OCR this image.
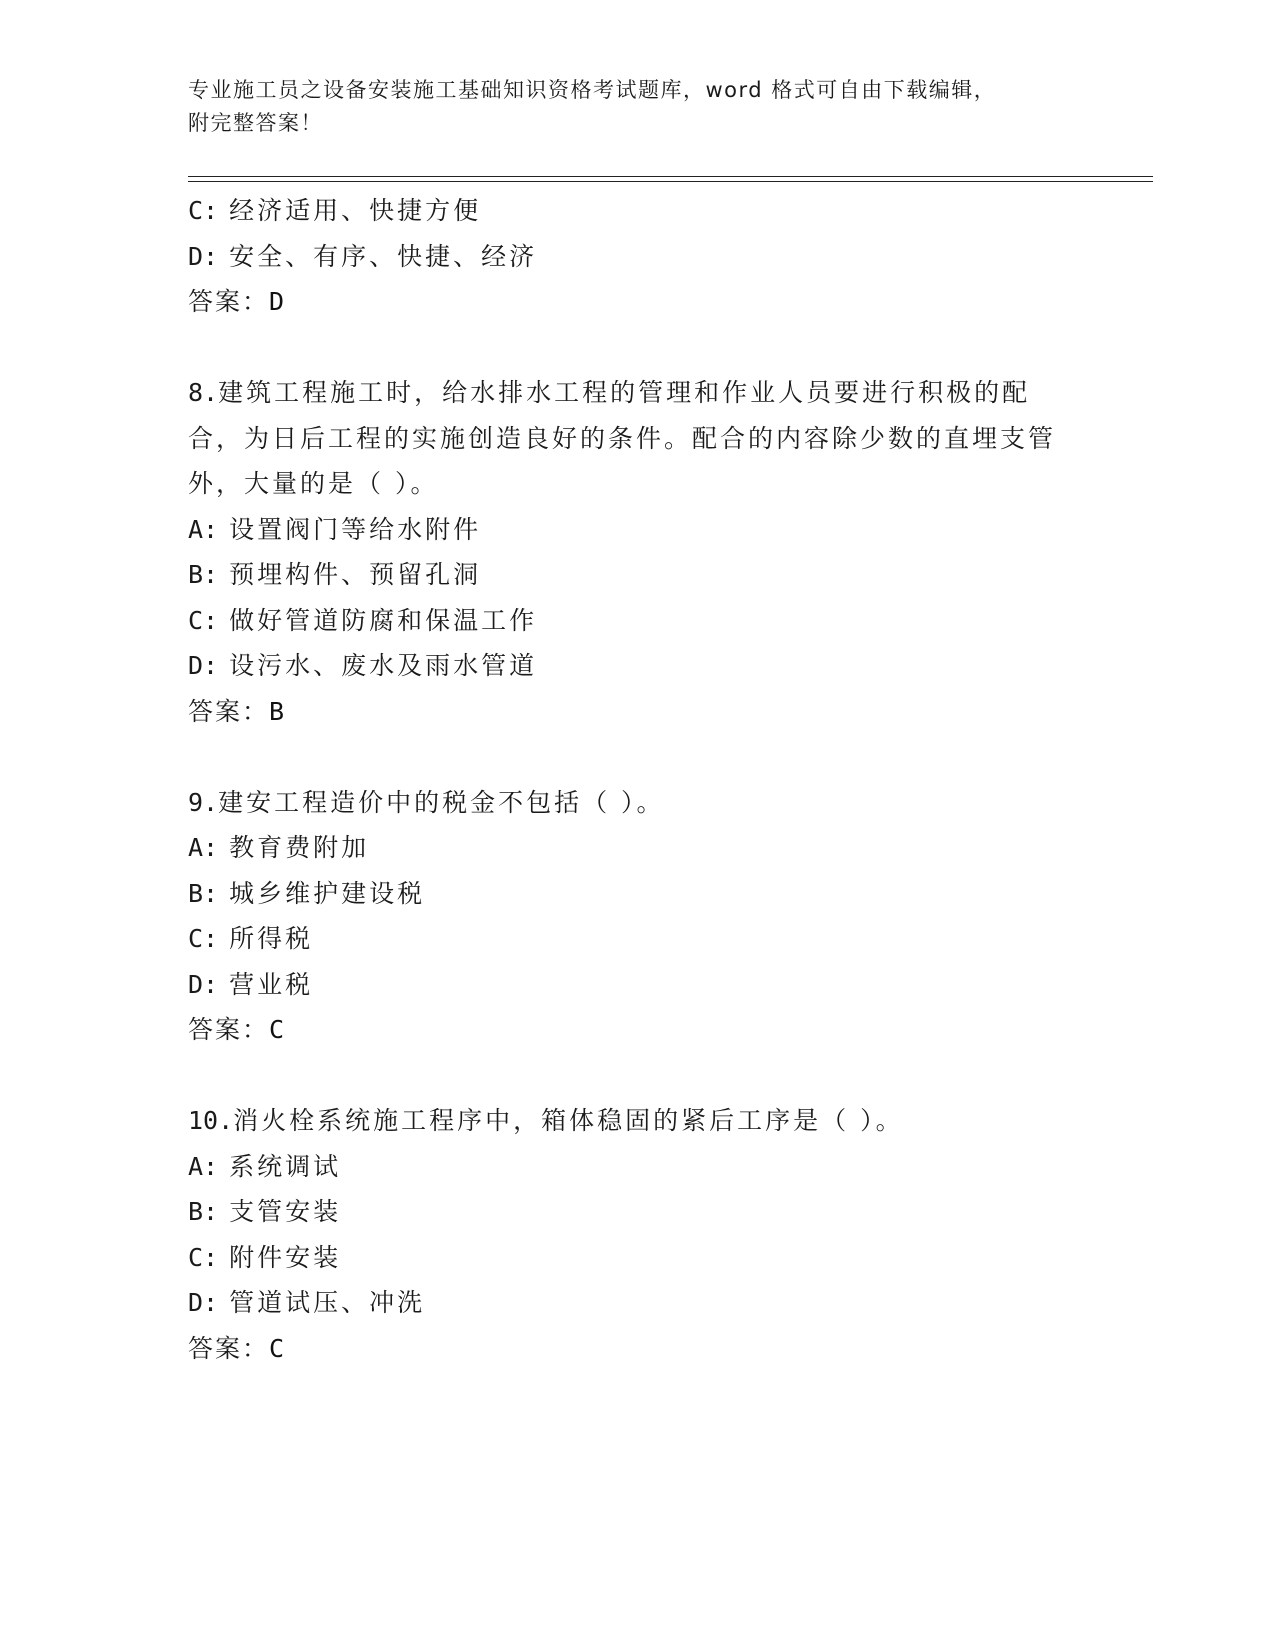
专业施工员之设备安装施工基础知识资格考试题库，word 格式可自由下载编辑，
附完整答案！
C: 经济适用、快捷方便
D: 安全、有序、快捷、经济
答案：D
8.建筑工程施工时，给水排水工程的管理和作业人员要进行积极的配合，为日后工程的实施创造良好的条件。配合的内容除少数的直埋支管外，大量的是（ ）。
A: 设置阀门等给水附件
B: 预埋构件、预留孔洞
C: 做好管道防腐和保温工作
D: 设污水、废水及雨水管道
答案：B
9.建安工程造价中的税金不包括（ ）。
A: 教育费附加
B: 城乡维护建设税
C: 所得税
D: 营业税
答案：C
10.消火栓系统施工程序中，箱体稳固的紧后工序是（ ）。
A: 系统调试
B: 支管安装
C: 附件安装
D: 管道试压、冲洗
答案：C
